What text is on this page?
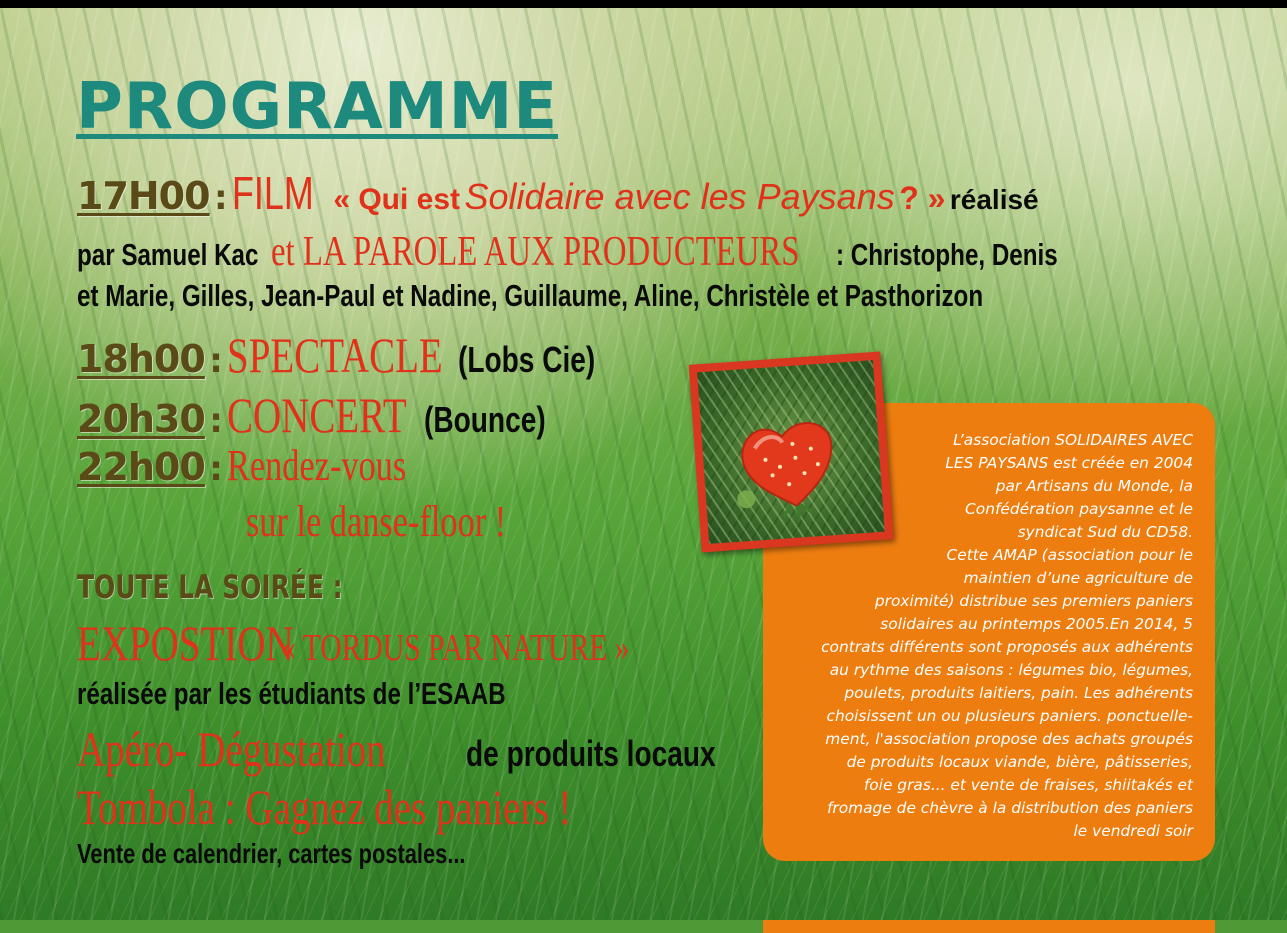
PROGRAMME
17H00 : FILM « Qui est Solidaire avec les Paysans ? » réalisé
par Samuel Kac et LA PAROLE AUX PRODUCTEURS : Christophe, Denis
et Marie, Gilles, Jean-Paul et Nadine, Guillaume, Aline, Christèle et Pasthorizon
18h00 : SPECTACLE (Lobs Cie)
20h30 : CONCERT (Bounce)
22h00 : Rendez-vous
sur le danse-floor !
TOUTE LA SOIRÉE :
EXPOSTION « TORDUS PAR NATURE »
réalisée par les étudiants de l’ESAAB
Apéro- Dégustation de produits locaux
Tombola : Gagnez des paniers !
Vente de calendrier, cartes postales...
L’association SOLIDAIRES AVEC
LES PAYSANS est créée en 2004
par Artisans du Monde, la
Confédération paysanne et le
syndicat Sud du CD58.
Cette AMAP (association pour le
maintien d’une agriculture de
proximité) distribue ses premiers paniers
solidaires au printemps 2005.En 2014, 5
contrats différents sont proposés aux adhérents
au rythme des saisons : légumes bio, légumes,
poulets, produits laitiers, pain. Les adhérents
choisissent un ou plusieurs paniers. ponctuelle-
ment, l'association propose des achats groupés
de produits locaux viande, bière, pâtisseries,
foie gras... et vente de fraises, shiitakés et
fromage de chèvre à la distribution des paniers
le vendredi soir
